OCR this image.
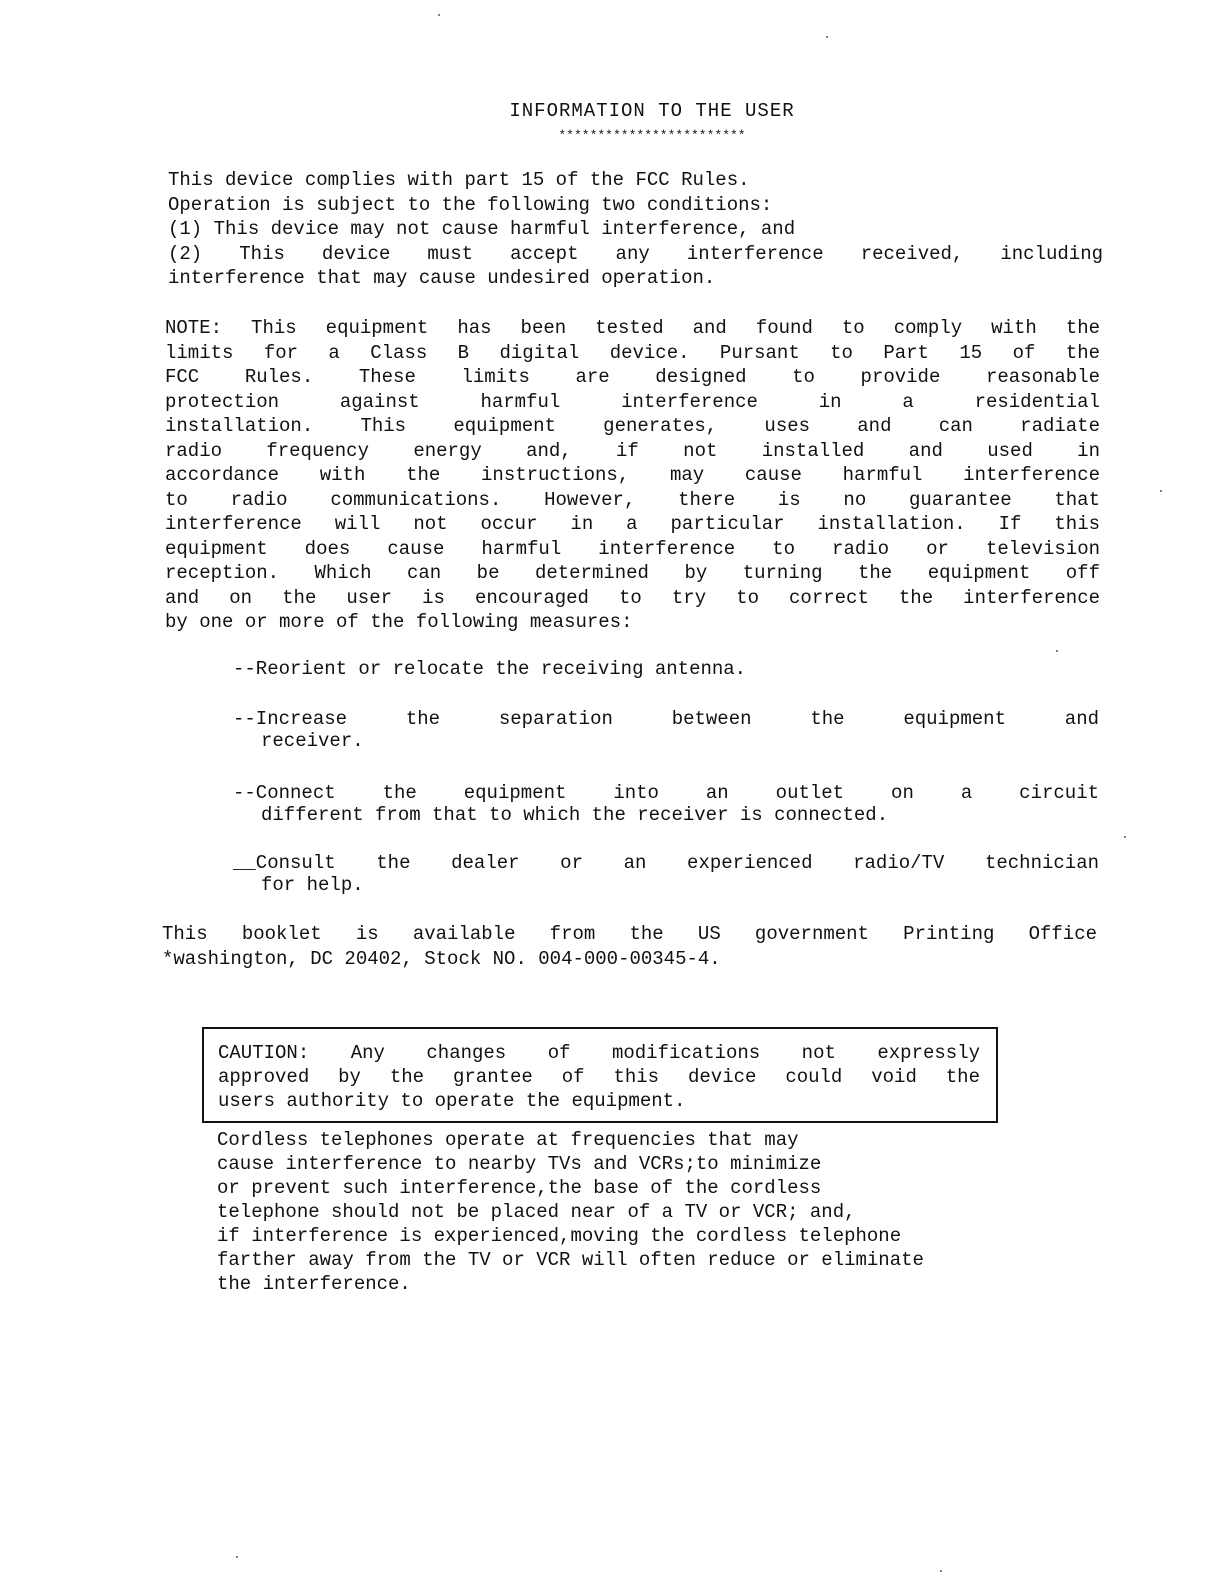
INFORMATION TO THE USER
************************
This device complies with part 15 of the FCC Rules.
Operation is subject to the following two conditions:
(1) This device may not cause harmful interference, and
(2) This device must accept any interference received, including
interference that may cause undesired operation.
NOTE: This equipment has been tested and found to comply with the
limits for a Class B digital device. Pursant to Part 15 of the
FCC Rules. These limits are designed to provide reasonable
protection against harmful interference in a residential
installation. This equipment generates, uses and can radiate
radio frequency energy and, if not installed and used in
accordance with the instructions, may cause harmful interference
to radio communications. However, there is no guarantee that
interference will not occur in a particular installation. If this
equipment does cause harmful interference to radio or television
reception. Which can be determined by turning the equipment off
and on the user is encouraged to try to correct the interference
by one or more of the following measures:
--Reorient or relocate the receiving antenna.
--Increase the separation between the equipment and
receiver.
--Connect the equipment into an outlet on a circuit
different from that to which the receiver is connected.
__Consult the dealer or an experienced radio/TV technician
for help.
This booklet is available from the US government Printing Office
*washington, DC 20402, Stock NO. 004-000-00345-4.
CAUTION: Any changes of modifications not expressly
approved by the grantee of this device could void the
users authority to operate the equipment.
Cordless telephones operate at frequencies that may
cause interference to nearby TVs and VCRs;to minimize
or prevent such interference,the base of the cordless
telephone should not be placed near of a TV or VCR; and,
if interference is experienced,moving the cordless telephone
farther away from the TV or VCR will often reduce or eliminate
the interference.
